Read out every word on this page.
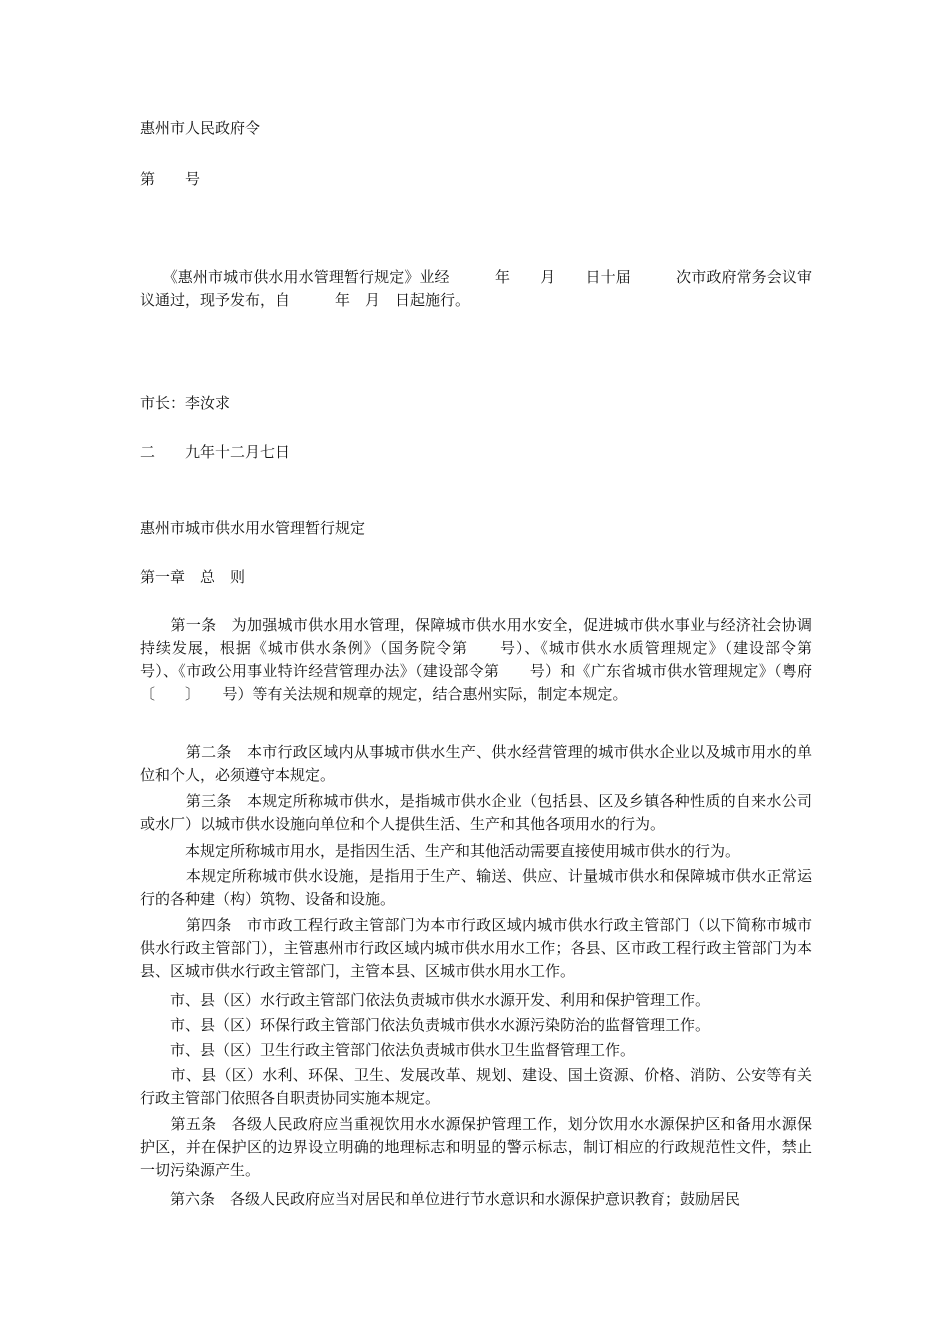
惠州市人民政府令
第　　号
　　《惠州市城市供水用水管理暂行规定》业经　　　年　　月　　日十届　　　次市政府常务会议审议通过，现予发布，自　　　年　月　日起施行。
市长：李汝求
二　　九年十二月七日
惠州市城市供水用水管理暂行规定
第一章　总　则
　　第一条　为加强城市供水用水管理，保障城市供水用水安全，促进城市供水事业与经济社会协调持续发展，根据《城市供水条例》（国务院令第　　号）、《城市供水水质管理规定》（建设部令第　　号）、《市政公用事业特许经营管理办法》（建设部令第　　号）和《广东省城市供水管理规定》（粤府〔　　〕　　号）等有关法规和规章的规定，结合惠州实际，制定本规定。
　　　第二条　本市行政区域内从事城市供水生产、供水经营管理的城市供水企业以及城市用水的单位和个人，必须遵守本规定。
　　　第三条　本规定所称城市供水，是指城市供水企业（包括县、区及乡镇各种性质的自来水公司或水厂）以城市供水设施向单位和个人提供生活、生产和其他各项用水的行为。
　　　本规定所称城市用水，是指因生活、生产和其他活动需要直接使用城市供水的行为。
　　　本规定所称城市供水设施，是指用于生产、输送、供应、计量城市供水和保障城市供水正常运行的各种建（构）筑物、设备和设施。
　　　第四条　市市政工程行政主管部门为本市行政区域内城市供水行政主管部门（以下简称市城市供水行政主管部门），主管惠州市行政区域内城市供水用水工作；各县、区市政工程行政主管部门为本县、区城市供水行政主管部门，主管本县、区城市供水用水工作。
　　市、县（区）水行政主管部门依法负责城市供水水源开发、利用和保护管理工作。
　　市、县（区）环保行政主管部门依法负责城市供水水源污染防治的监督管理工作。
　　市、县（区）卫生行政主管部门依法负责城市供水卫生监督管理工作。
　　市、县（区）水利、环保、卫生、发展改革、规划、建设、国土资源、价格、消防、公安等有关行政主管部门依照各自职责协同实施本规定。
　　第五条　各级人民政府应当重视饮用水水源保护管理工作，划分饮用水水源保护区和备用水源保护区，并在保护区的边界设立明确的地理标志和明显的警示标志，制订相应的行政规范性文件，禁止一切污染源产生。
　　第六条　各级人民政府应当对居民和单位进行节水意识和水源保护意识教育；鼓励居民
